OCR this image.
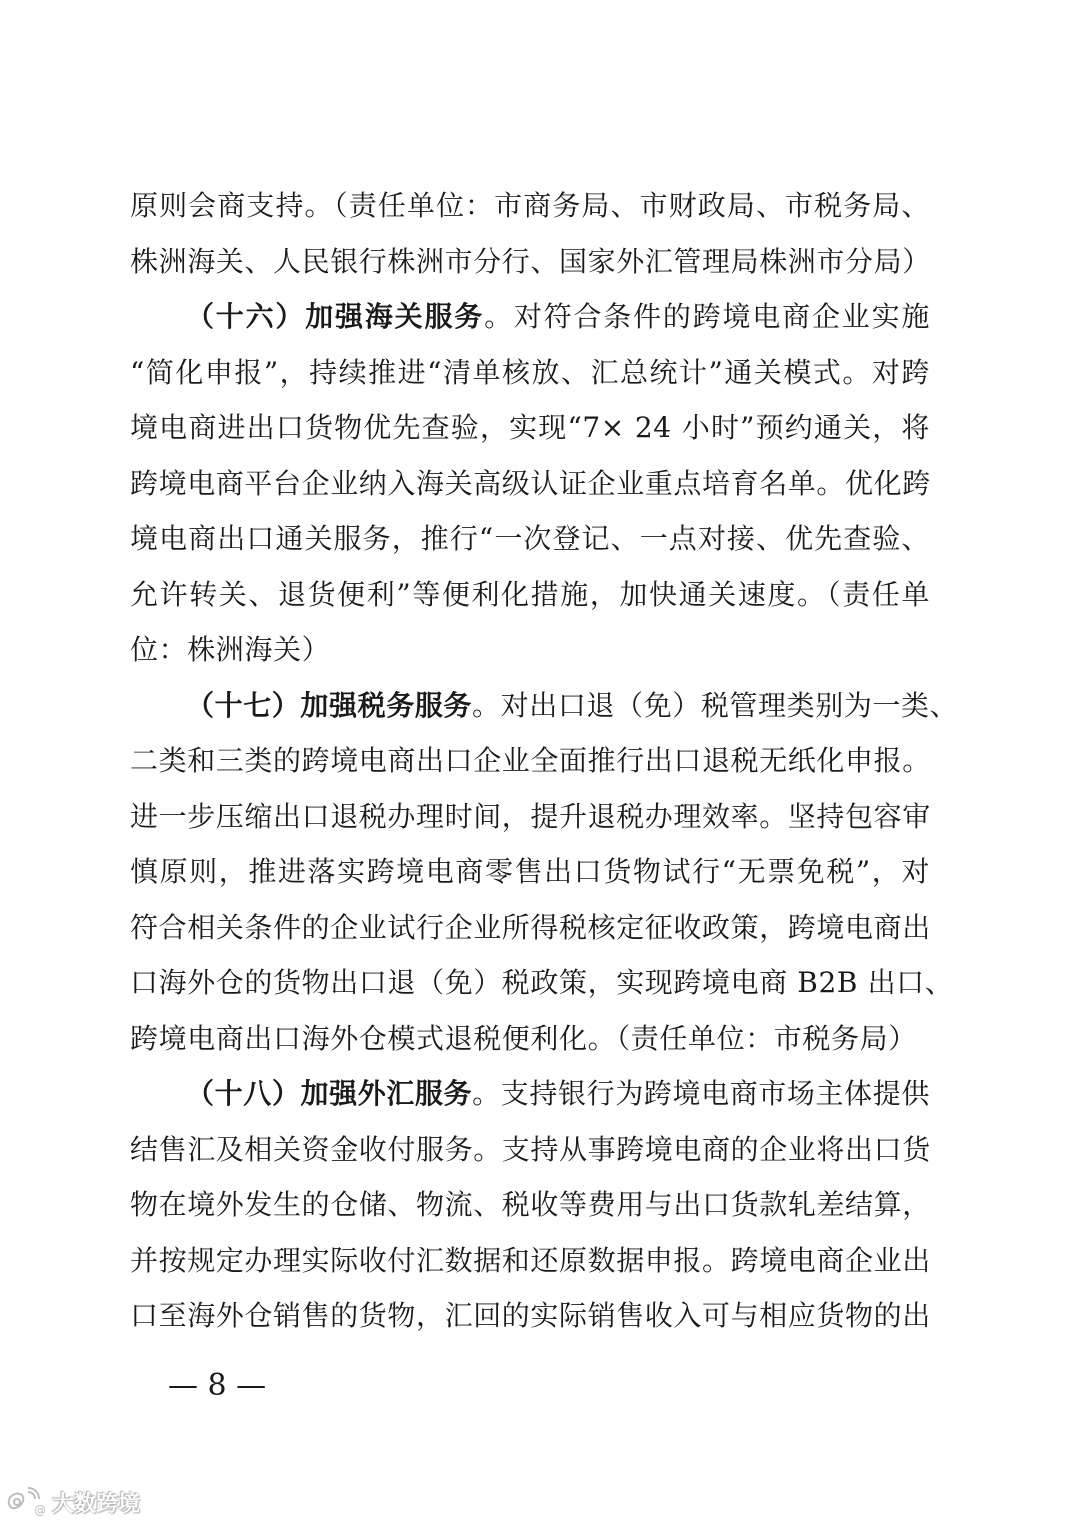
原则会商支持。（责任单位：市商务局、市财政局、市税务局、
株洲海关、人民银行株洲市分行、国家外汇管理局株洲市分局）
（十六）加强海关服务。对符合条件的跨境电商企业实施
“简化申报”，持续推进“清单核放、汇总统计”通关模式。对跨
境电商进出口货物优先查验，实现“7× 24 小时”预约通关，将
跨境电商平台企业纳入海关高级认证企业重点培育名单。优化跨
境电商出口通关服务，推行“一次登记、一点对接、优先查验、
允许转关、退货便利”等便利化措施，加快通关速度。（责任单
位：株洲海关）
（十七）加强税务服务。对出口退（免）税管理类别为一类、
二类和三类的跨境电商出口企业全面推行出口退税无纸化申报。
进一步压缩出口退税办理时间，提升退税办理效率。坚持包容审
慎原则，推进落实跨境电商零售出口货物试行“无票免税”，对
符合相关条件的企业试行企业所得税核定征收政策，跨境电商出
口海外仓的货物出口退（免）税政策，实现跨境电商 B2B 出口、
跨境电商出口海外仓模式退税便利化。（责任单位：市税务局）
（十八）加强外汇服务。支持银行为跨境电商市场主体提供
结售汇及相关资金收付服务。支持从事跨境电商的企业将出口货
物在境外发生的仓储、物流、税收等费用与出口货款轧差结算，
并按规定办理实际收付汇数据和还原数据申报。跨境电商企业出
口至海外仓销售的货物，汇回的实际销售收入可与相应货物的出
— 8 —
@ 大数跨境
